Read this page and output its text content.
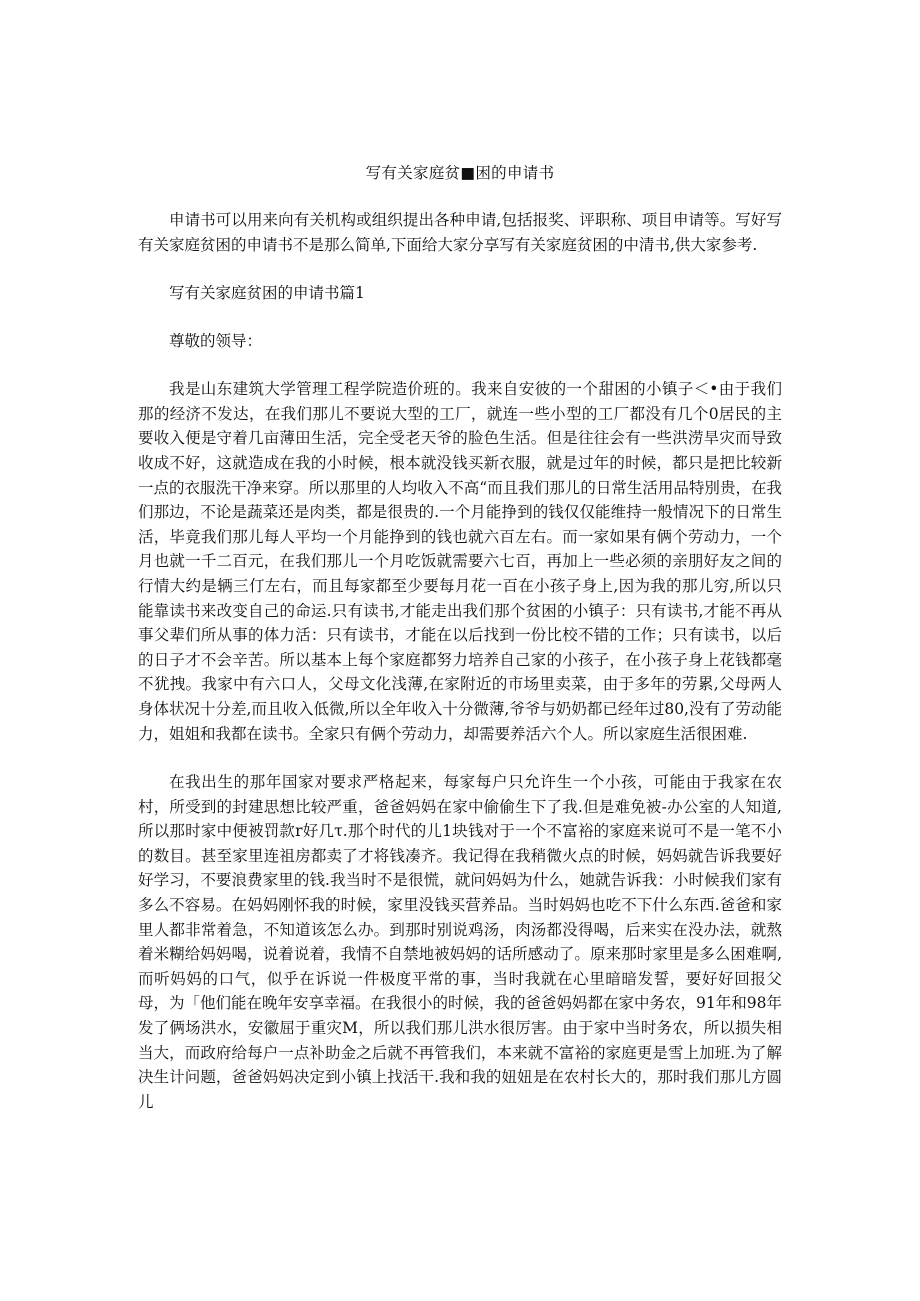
写有关家庭贫■困的申请书

申请书可以用来向有关机构或组织提出各种申请,包括报奖、评职称、项目申请等。写好写有关家庭贫困的申请书不是那么简单,下面给大家分享写有关家庭贫困的中清书,供大家参考.

写有关家庭贫困的申请书篇1

尊敬的领导：

我是山东建筑大学管理工程学院造价班的。我来自安彼的一个甜困的小镇子＜•由于我们那的经济不发达，在我们那儿不要说大型的工厂，就连一些小型的工厂都没有几个0居民的主要收入便是守着几亩薄田生活，完全受老天爷的脸色生活。但是往往会有一些洪涝旱灾而导致收成不好，这就造成在我的小时候，根本就没钱买新衣服，就是过年的时候，都只是把比较新一点的衣服洗干净来穿。所以那里的人均收入不高“而且我们那儿的日常生活用品特別贵，在我们那边，不论是蔬菜还是肉类，都是很贵的.一个月能挣到的钱仅仅能维持一般情况下的日常生活，毕竟我们那儿每人平均一个月能挣到的钱也就六百左右。而一家如果有俩个劳动力，一个月也就一千二百元，在我们那儿一个月吃饭就需要六七百，再加上一些必须的亲朋好友之间的行情大约是辆三仃左右，而且每家都至少要每月花一百在小孩子身上,因为我的那儿穷,所以只能靠读书来改变自己的命运.只有读书,才能走出我们那个贫困的小镇子：只有读书,才能不再从事父辈们所从事的体力活：只有读书，才能在以后找到一份比校不错的工作；只有读书，以后的日子才不会辛苦。所以基本上每个家庭都努力培养自己家的小孩子，在小孩子身上花钱都毫不犹拽。我家中有六口人，父母文化浅薄,在家附近的市场里卖菜，由于多年的劳累,父母两人身体状况十分差,而且收入低微,所以全年收入十分微薄,爷爷与奶奶都已经年过80,没有了劳动能力，姐姐和我都在读书。全家只有俩个劳动力，却需要养活六个人。所以家庭生活很困难.

在我出生的那年国家对要求严格起来，每家每户只允许生一个小孩，可能由于我家在农村，所受到的封建思想比较严重，爸爸妈妈在家中偷偷生下了我.但是难免被-办公室的人知道,所以那时家中便被罚款r好几τ.那个时代的儿1块钱对于一个不富裕的家庭来说可不是一笔不小的数目。甚至家里连祖房都卖了才将钱凑齐。我记得在我稍微火点的时候，妈妈就告诉我要好好学习，不要浪费家里的钱.我当时不是很慌，就问妈妈为什么，她就告诉我：小时候我们家有多么不容易。在妈妈刚怀我的时候，家里没钱买营养品。当时妈妈也吃不下什么东西.爸爸和家里人都非常着急，不知道该怎么办。到那时别说鸡汤，肉汤都没得喝，后来实在没办法，就熬着米糊给妈妈喝，说着说着，我情不自禁地被妈妈的话所感动了。原来那时家里是多么困难啊,而听妈妈的口气，似乎在诉说一件极度平常的事，当时我就在心里暗暗发誓，要好好回报父母，为「他们能在晚年安享幸福。在我很小的时候，我的爸爸妈妈都在家中务农，91年和98年发了俩场洪水，安徽屈于重灾M，所以我们那儿洪水很厉害。由于家中当时务农，所以损失相当大，而政府给每户一点补助金之后就不再管我们，本来就不富裕的家庭更是雪上加班.为了解决生计问题，爸爸妈妈决定到小镇上找活干.我和我的妞妞是在农村长大的，那时我们那儿方圆儿
